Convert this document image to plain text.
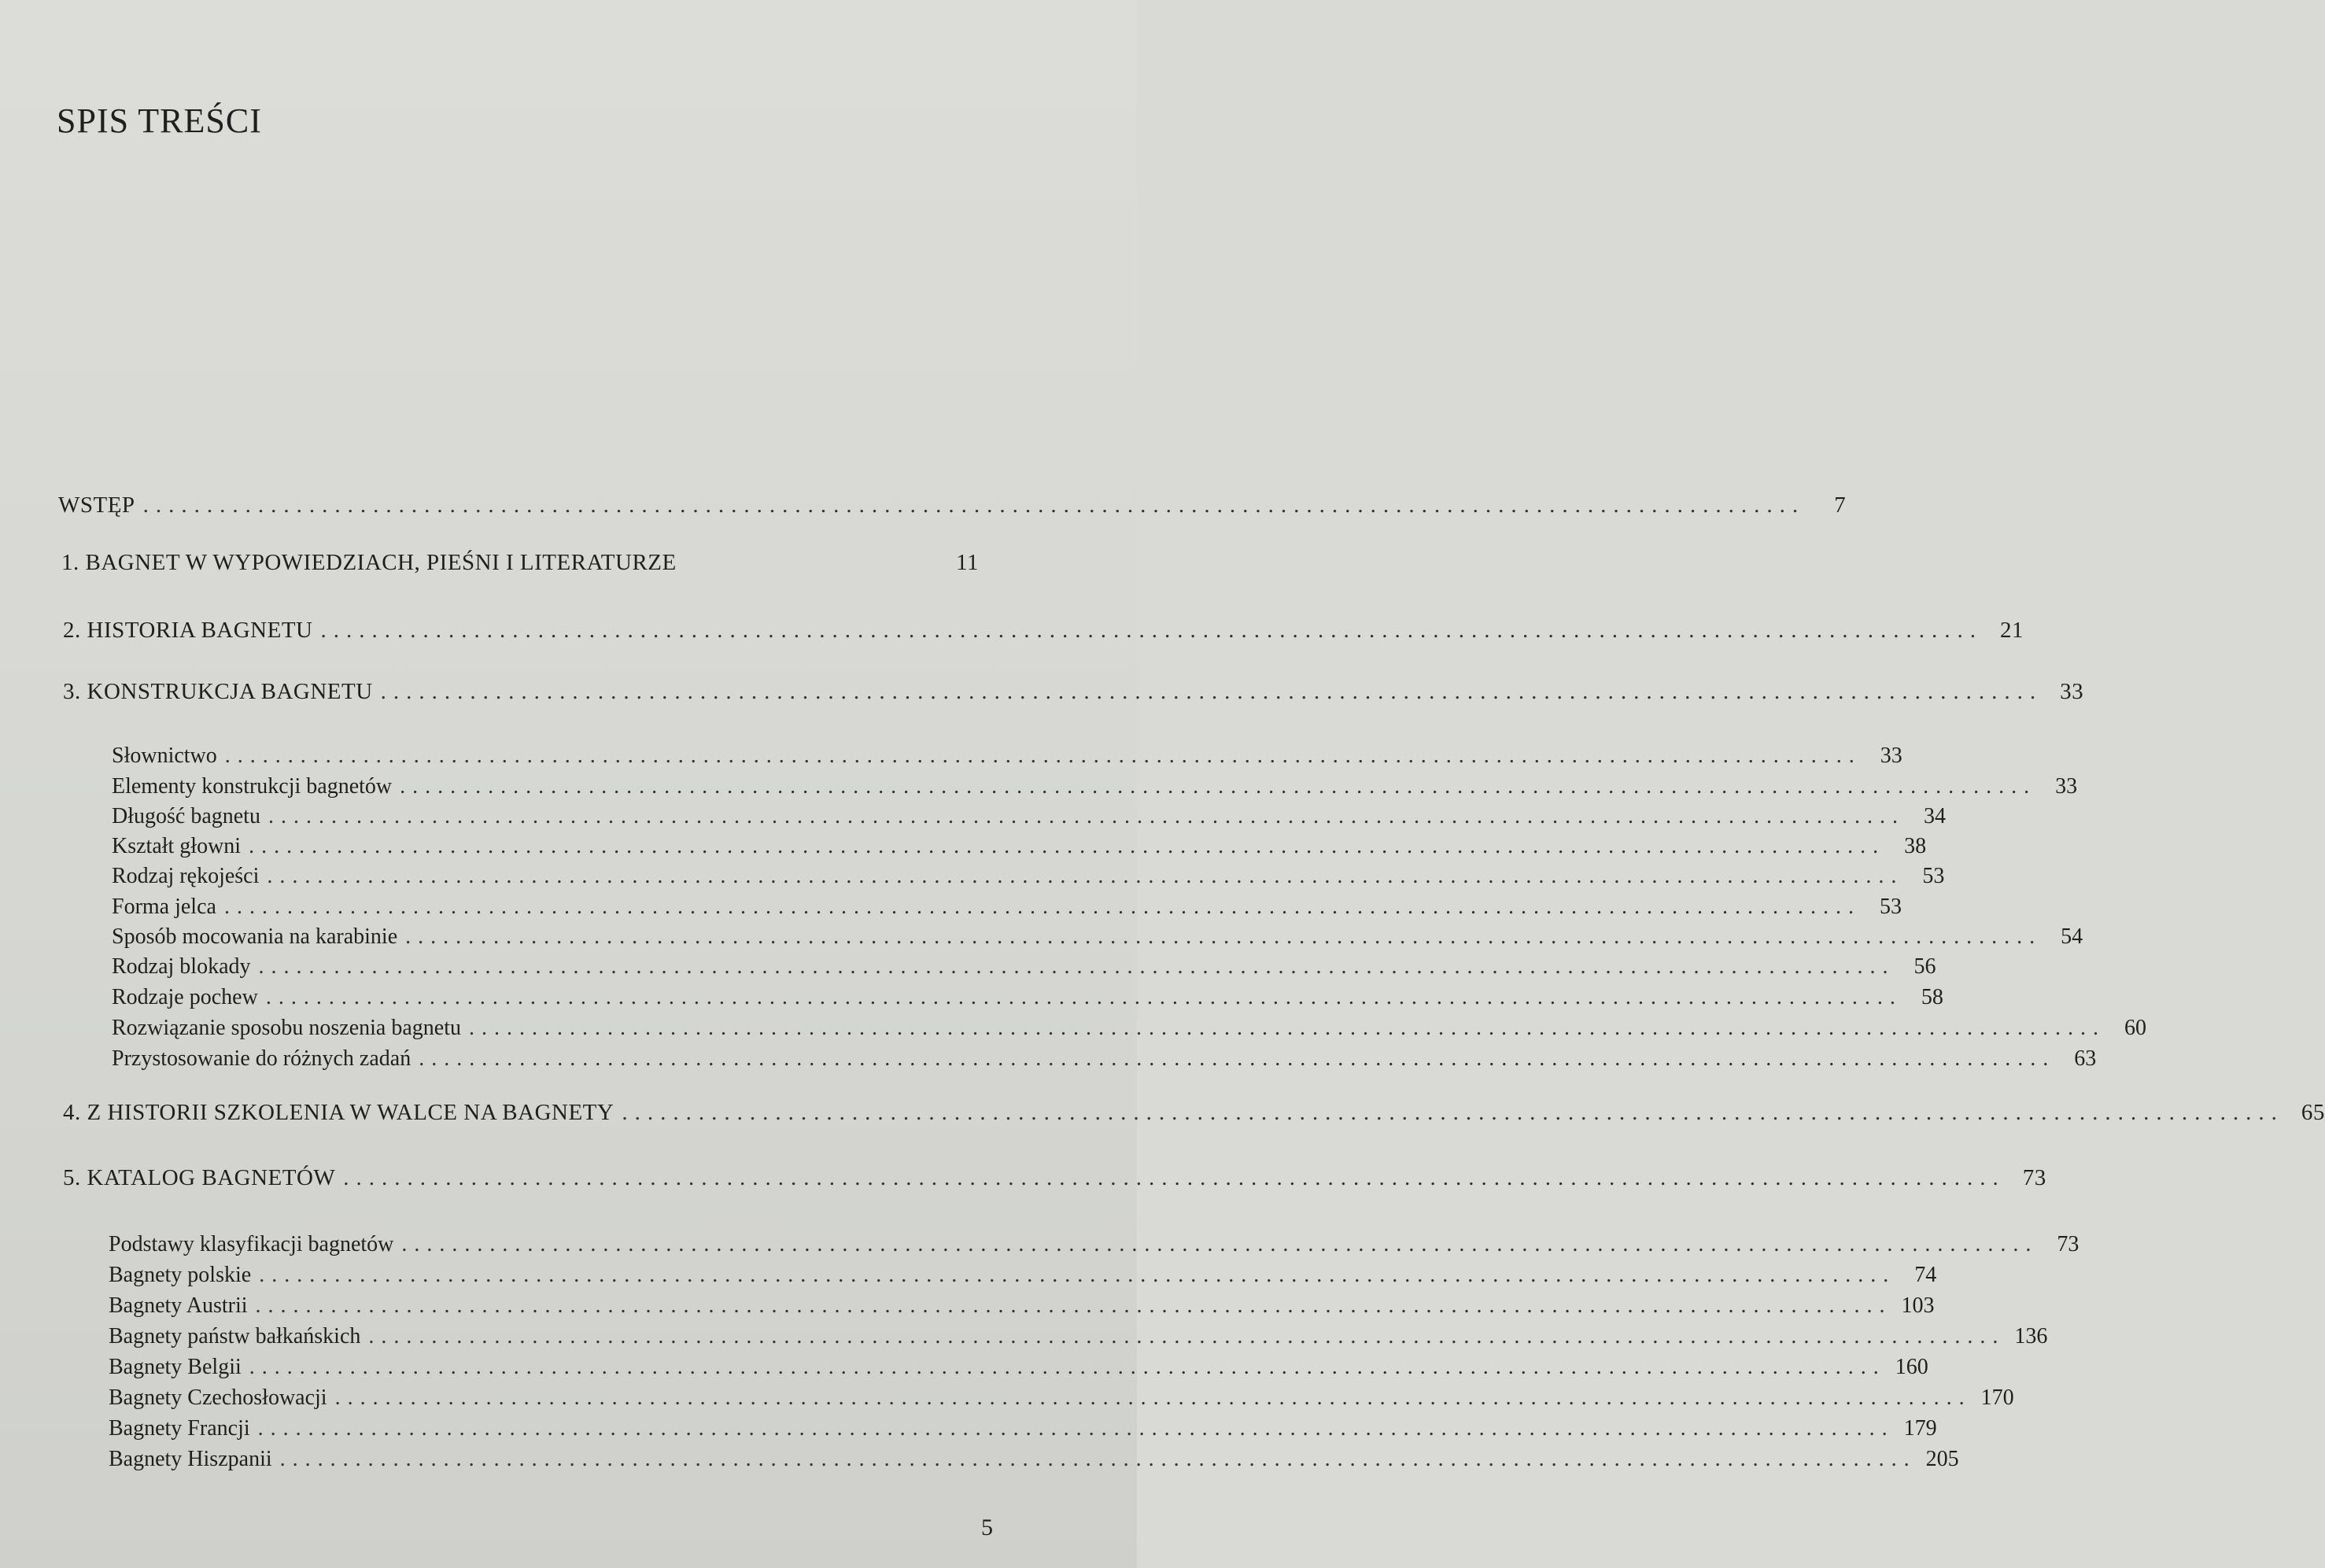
SPIS TREŚCI
WSTĘP ..................................................................................................................................	7
1. BAGNET W WYPOWIEDZIACH, PIEŚNI I LITERATURZE	11
2. HISTORIA BAGNETU .................................................................................................................................. 21
3. KONSTRUKCJA BAGNETU .................................................................................................................................. 33
Słownictwo .................................................................................................................................. 33
Elementy konstrukcji bagnetów .................................................................................................................................. 33
Długość bagnetu .................................................................................................................................. 34
Kształt głowni .................................................................................................................................. 38
Rodzaj rękojeści .................................................................................................................................. 53
Forma jelca .................................................................................................................................. 53
Sposób mocowania na karabinie .................................................................................................................................. 54
Rodzaj blokady .................................................................................................................................. 56
Rodzaje pochew .................................................................................................................................. 58
Rozwiązanie sposobu noszenia bagnetu .................................................................................................................................. 60
Przystosowanie do różnych zadań .................................................................................................................................. 63
4. Z HISTORII SZKOLENIA W WALCE NA BAGNETY .................................................................................................................................. 65
5. KATALOG BAGNETÓW .................................................................................................................................. 73
Podstawy klasyfikacji bagnetów .................................................................................................................................. 73
Bagnety polskie .................................................................................................................................. 74
Bagnety Austrii .................................................................................................................................. 103
Bagnety państw bałkańskich .................................................................................................................................. 136
Bagnety Belgii .................................................................................................................................. 160
Bagnety Czechosłowacji .................................................................................................................................. 170
Bagnety Francji .................................................................................................................................. 179
Bagnety Hiszpanii .................................................................................................................................. 205
5
